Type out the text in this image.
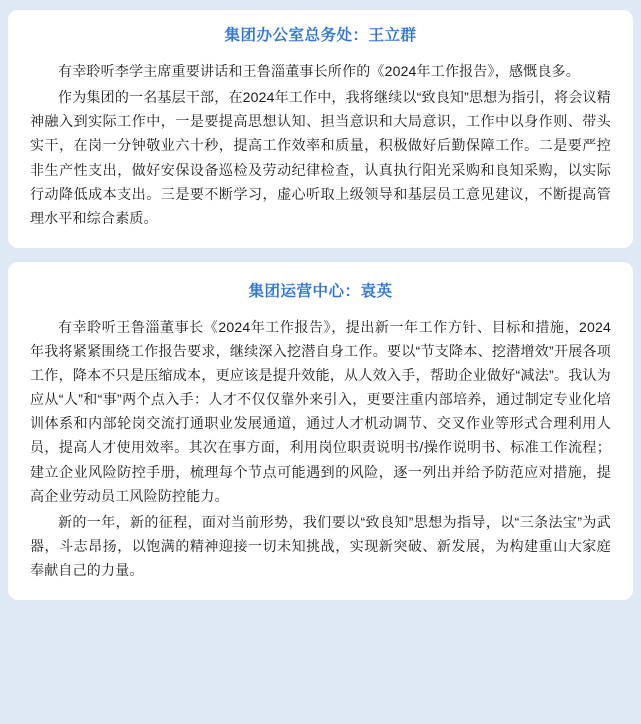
集团办公室总务处：王立群

有幸聆听李学主席重要讲话和王鲁淄董事长所作的《2024年工作报告》，感慨良多。

作为集团的一名基层干部，在2024年工作中，我将继续以“致良知”思想为指引，将会议精神融入到实际工作中，一是要提高思想认知、担当意识和大局意识，工作中以身作则、带头实干，在岗一分钟敬业六十秒，提高工作效率和质量，积极做好后勤保障工作。二是要严控非生产性支出，做好安保设备巡检及劳动纪律检查，认真执行阳光采购和良知采购，以实际行动降低成本支出。三是要不断学习，虚心听取上级领导和基层员工意见建议，不断提高管理水平和综合素质。

集团运营中心：袁英

有幸聆听王鲁淄董事长《2024年工作报告》，提出新一年工作方针、目标和措施，2024年我将紧紧围绕工作报告要求，继续深入挖潜自身工作。要以“节支降本、挖潜增效”开展各项工作，降本不只是压缩成本，更应该是提升效能，从人效入手，帮助企业做好“减法”。我认为应从“人”和“事”两个点入手：人才不仅仅靠外来引入，更要注重内部培养，通过制定专业化培训体系和内部轮岗交流打通职业发展通道，通过人才机动调节、交叉作业等形式合理利用人员，提高人才使用效率。其次在事方面，利用岗位职责说明书/操作说明书、标准工作流程；建立企业风险防控手册，梳理每个节点可能遇到的风险，逐一列出并给予防范应对措施，提高企业劳动员工风险防控能力。

新的一年，新的征程，面对当前形势，我们要以“致良知”思想为指导，以“三条法宝”为武器，斗志昂扬，以饱满的精神迎接一切未知挑战，实现新突破、新发展，为构建重山大家庭奉献自己的力量。
